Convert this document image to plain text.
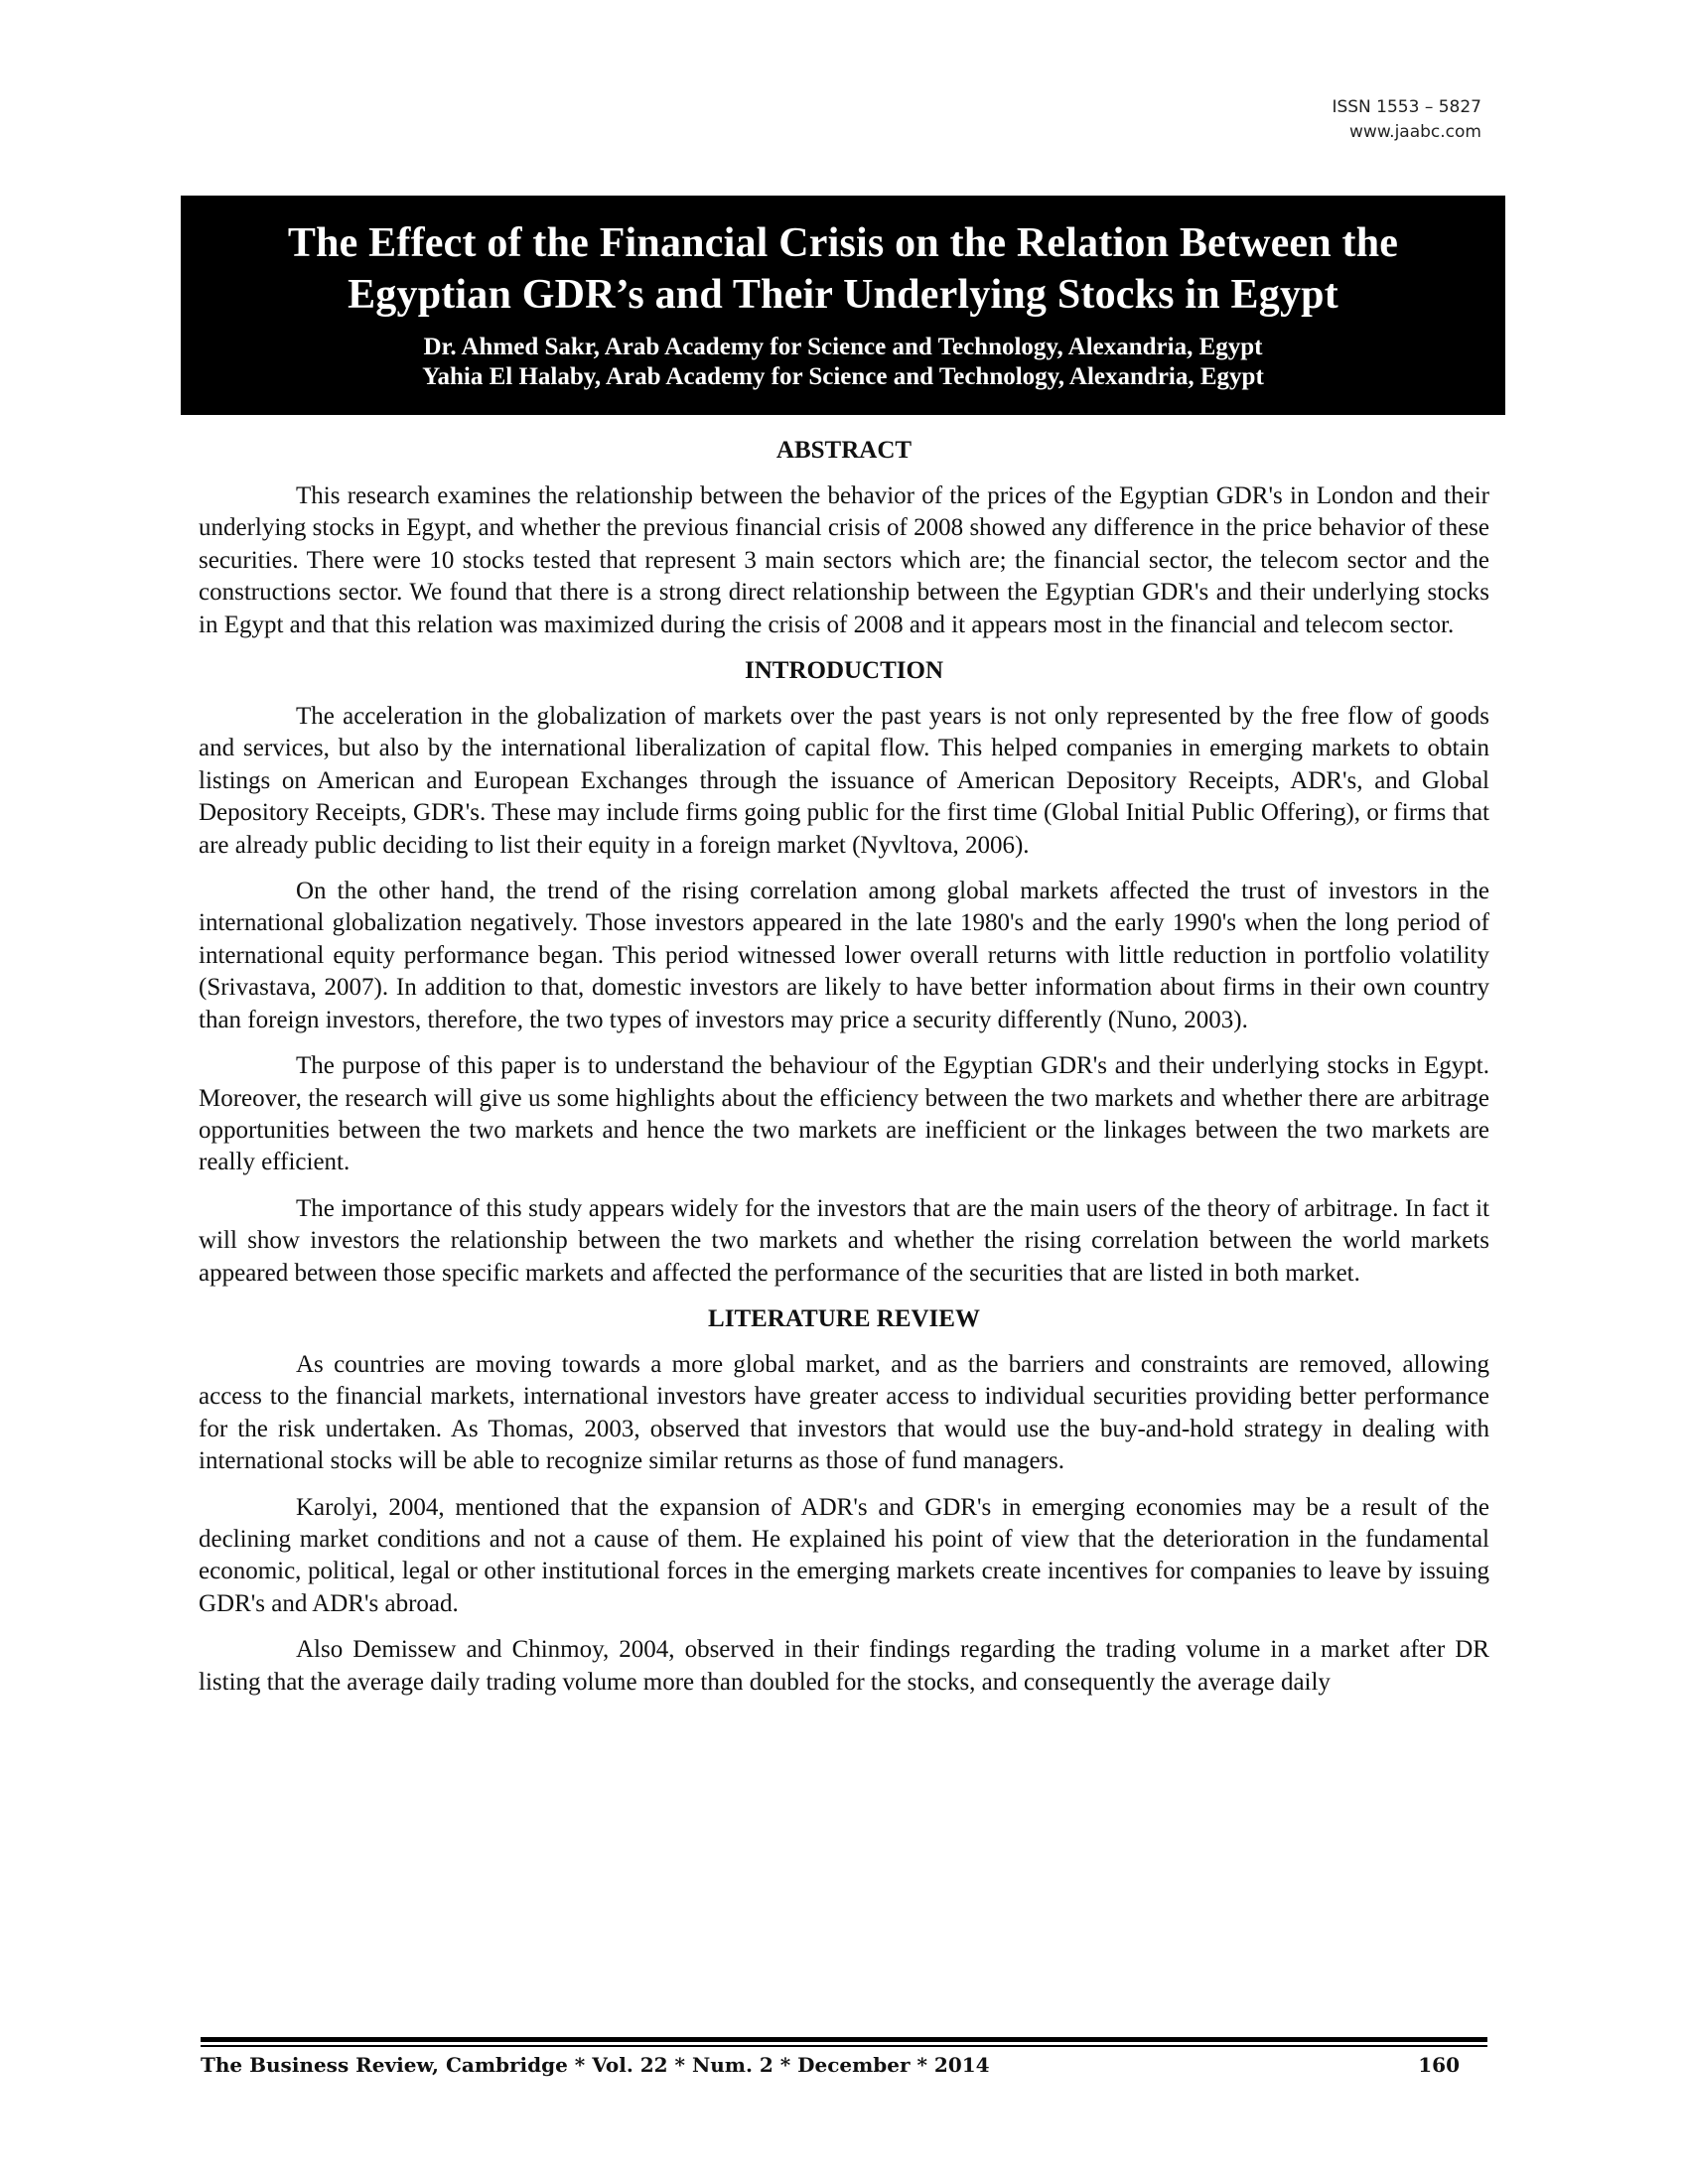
ISSN 1553 – 5827
www.jaabc.com
The Effect of the Financial Crisis on the Relation Between the
Egyptian GDR’s and Their Underlying Stocks in Egypt
Dr. Ahmed Sakr, Arab Academy for Science and Technology, Alexandria, Egypt
Yahia El Halaby, Arab Academy for Science and Technology, Alexandria, Egypt
ABSTRACT

This research examines the relationship between the behavior of the prices of the Egyptian GDR's in London and their underlying stocks in Egypt, and whether the previous financial crisis of 2008 showed any difference in the price behavior of these securities. There were 10 stocks tested that represent 3 main sectors which are; the financial sector, the telecom sector and the constructions sector. We found that there is a strong direct relationship between the Egyptian GDR's and their underlying stocks in Egypt and that this relation was maximized during the crisis of 2008 and it appears most in the financial and telecom sector.

INTRODUCTION

The acceleration in the globalization of markets over the past years is not only represented by the free flow of goods and services, but also by the international liberalization of capital flow. This helped companies in emerging markets to obtain listings on American and European Exchanges through the issuance of American Depository Receipts, ADR's, and Global Depository Receipts, GDR's. These may include firms going public for the first time (Global Initial Public Offering), or firms that are already public deciding to list their equity in a foreign market (Nyvltova, 2006).

On the other hand, the trend of the rising correlation among global markets affected the trust of investors in the international globalization negatively. Those investors appeared in the late 1980's and the early 1990's when the long period of international equity performance began. This period witnessed lower overall returns with little reduction in portfolio volatility (Srivastava, 2007). In addition to that, domestic investors are likely to have better information about firms in their own country than foreign investors, therefore, the two types of investors may price a security differently (Nuno, 2003).

The purpose of this paper is to understand the behaviour of the Egyptian GDR's and their underlying stocks in Egypt. Moreover, the research will give us some highlights about the efficiency between the two markets and whether there are arbitrage opportunities between the two markets and hence the two markets are inefficient or the linkages between the two markets are really efficient.

The importance of this study appears widely for the investors that are the main users of the theory of arbitrage. In fact it will show investors the relationship between the two markets and whether the rising correlation between the world markets appeared between those specific markets and affected the performance of the securities that are listed in both market.

LITERATURE REVIEW

As countries are moving towards a more global market, and as the barriers and constraints are removed, allowing access to the financial markets, international investors have greater access to individual securities providing better performance for the risk undertaken. As Thomas, 2003, observed that investors that would use the buy-and-hold strategy in dealing with international stocks will be able to recognize similar returns as those of fund managers.

Karolyi, 2004, mentioned that the expansion of ADR's and GDR's in emerging economies may be a result of the declining market conditions and not a cause of them. He explained his point of view that the deterioration in the fundamental economic, political, legal or other institutional forces in the emerging markets create incentives for companies to leave by issuing GDR's and ADR's abroad.

Also Demissew and Chinmoy, 2004, observed in their findings regarding the trading volume in a market after DR listing that the average daily trading volume more than doubled for the stocks, and consequently the average daily

The Business Review, Cambridge * Vol. 22 * Num. 2 * December * 2014	160
